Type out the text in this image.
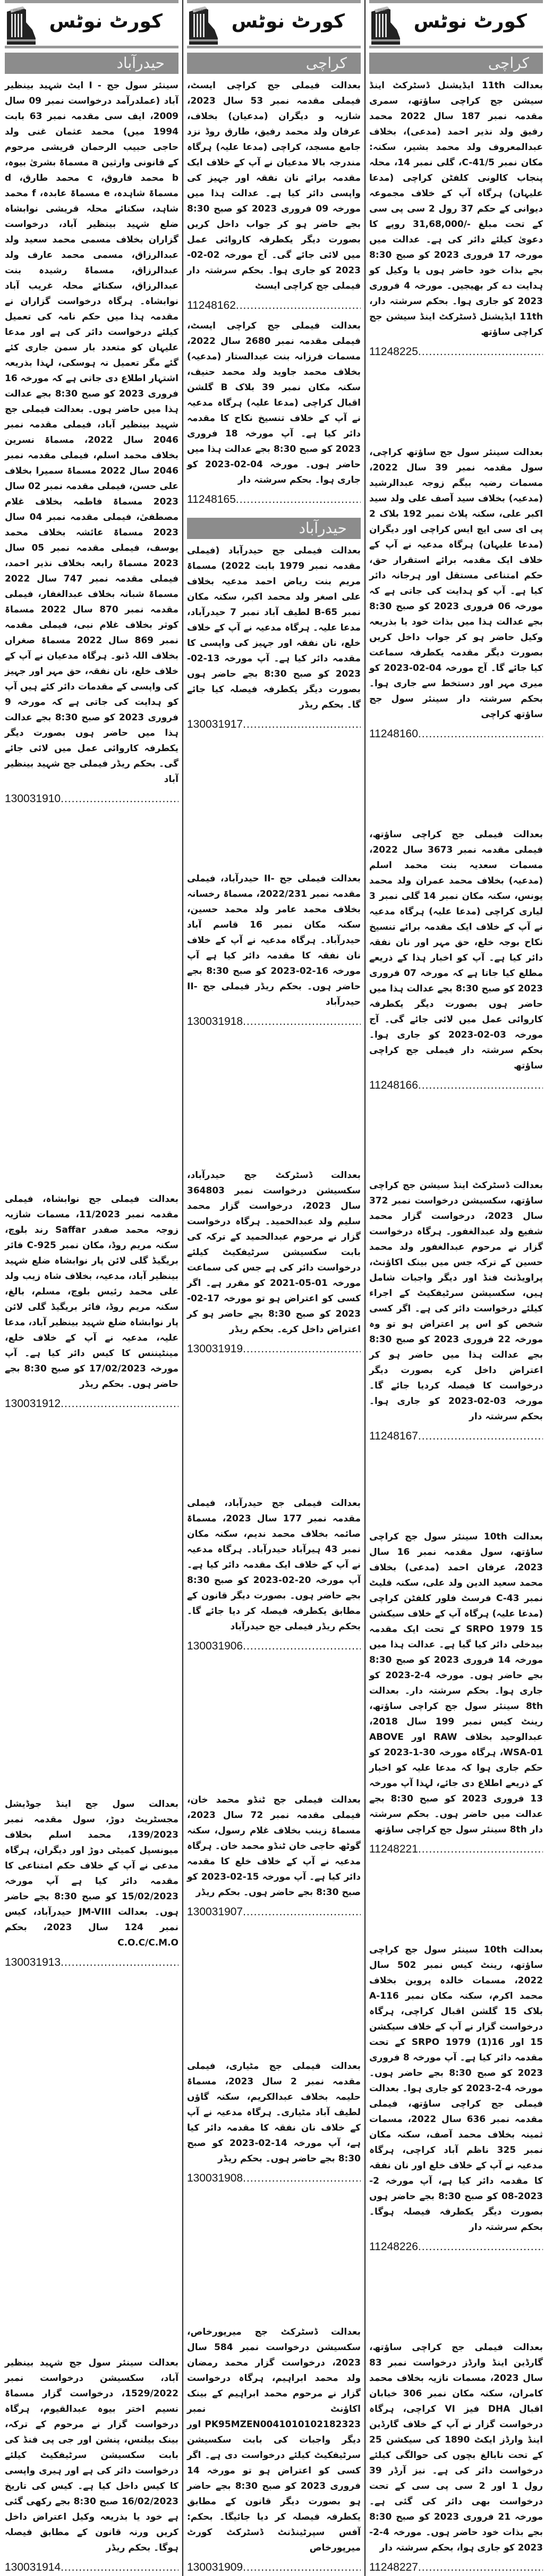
COURT کورٹ نوٹس
کراچی
بعدالت 11th ایڈیشنل ڈسٹرکٹ اینڈ سیشن جج کراچی ساؤتھ، سمری مقدمہ نمبر 187 سال 2022 محمد رفیق ولد نذیر احمد (مدعی)، بخلاف عبدالمعروف ولد محمد بشیر، سکنہ: مکان نمبر C-41/5، گلی نمبر 14، محلہ پنجاب کالونی کلفٹن کراچی (مدعا علیہان) ہرگاہ آپ کے خلاف مجموعہ دیوانی کے حکم 37 رول 2 سی پی سی کے تحت مبلغ -/31,68,000 روپے کا دعویٰ کیلئے دائر کی ہے۔ عدالت میں مورخہ 17 فروری 2023 کو صبح 8:30 بجے بذات خود حاضر ہوں یا وکیل کو ہدایت دے کر بھیجیں۔ مورخہ 4 فروری 2023 کو جاری ہوا۔ بحکم سرشتہ دار، 11th ایڈیشنل ڈسٹرکٹ اینڈ سیشن جج کراچی ساؤتھ
11248225 .....
بعدالت سینئر سول جج ساؤتھ کراچی، سول مقدمہ نمبر 39 سال 2022، مسمات رضیہ بیگم زوجہ عبدالرشید (مدعیہ) بخلاف سید آصف علی ولد سید اکبر علی، سکنہ پلاٹ نمبر 192 بلاک 2 پی ای سی ایچ ایس کراچی اور دیگران (مدعا علیہان) ہرگاہ مدعیہ نے آپ کے خلاف ایک مقدمہ برائے استقرار حق، حکم امتناعی مستقل اور ہرجانہ دائر کیا ہے۔ آپ کو ہدایت کی جاتی ہے کہ مورخہ 06 فروری 2023 کو صبح 8:30 بجے عدالت ہذا میں بذات خود یا بذریعہ وکیل حاضر ہو کر جواب داخل کریں بصورت دیگر مقدمہ یکطرفہ سماعت کیا جائے گا۔ آج مورخہ 04-02-2023 کو میری مہر اور دستخط سے جاری ہوا۔ بحکم سرشتہ دار سینئر سول جج ساؤتھ کراچی
11248160 .....
بعدالت فیملی جج کراچی ساؤتھ، فیملی مقدمہ نمبر 3673 سال 2022، مسمات سعدیہ بنت محمد اسلم (مدعیہ) بخلاف محمد عمران ولد محمد یونس، سکنہ مکان نمبر 14 گلی نمبر 3 لیاری کراچی (مدعا علیہ) ہرگاہ مدعیہ نے آپ کے خلاف ایک مقدمہ برائے تنسیخ نکاح بوجہ خلع، حق مہر اور نان نفقہ دائر کیا ہے۔ آپ کو اخبار ہذا کے ذریعے مطلع کیا جاتا ہے کہ مورخہ 07 فروری 2023 کو صبح 8:30 بجے عدالت ہذا میں حاضر ہوں بصورت دیگر یکطرفہ کاروائی عمل میں لائی جائے گی۔ آج مورخہ 03-02-2023 کو جاری ہوا۔ بحکم سرشتہ دار فیملی جج کراچی ساؤتھ
11248166 .....
بعدالت ڈسٹرکٹ اینڈ سیشن جج کراچی ساؤتھ، سکسیشن درخواست نمبر 372 سال 2023، درخواست گزار محمد شفیع ولد عبدالغفور۔ ہرگاہ درخواست گزار نے مرحوم عبدالغفور ولد محمد حسین کے ترکہ جس میں بینک اکاؤنٹ، پراویڈنٹ فنڈ اور دیگر واجبات شامل ہیں، سکسیشن سرٹیفکیٹ کے اجراء کیلئے درخواست دائر کی ہے۔ اگر کسی شخص کو اس پر اعتراض ہو تو وہ مورخہ 22 فروری 2023 کو صبح 8:30 بجے عدالت ہذا میں حاضر ہو کر اعتراض داخل کرے بصورت دیگر درخواست کا فیصلہ کردیا جائے گا۔ مورخہ 03-02-2023 کو جاری ہوا۔ بحکم سرشتہ دار
11248167 .....
بعدالت 10th سینئر سول جج کراچی ساؤتھ، سول مقدمہ نمبر 16 سال 2023، عرفان احمد (مدعی) بخلاف محمد سعید الدین ولد علی، سکنہ فلیٹ نمبر C-43 فرسٹ فلور کلفٹن کراچی (مدعا علیہ) ہرگاہ آپ کے خلاف سیکشن 15 SRPO 1979 کے تحت ایک مقدمہ بیدخلی دائر کیا گیا ہے۔ عدالت ہذا میں مورخہ 14 فروری 2023 کو صبح 8:30 بجے حاضر ہوں۔ مورخہ 4-2-2023 کو جاری ہوا۔ بحکم سرشتہ دار۔ بعدالت 8th سینئر سول جج کراچی ساؤتھ، رینٹ کیس نمبر 199 سال 2018، عبدالوحید بخلاف RAW اور ABOVE WSA-01، ہرگاہ مورخہ 30-1-2023 کو حکم جاری ہوا کہ مدعا علیہ کو اخبار کے ذریعے اطلاع دی جائے، لہذا آپ مورخہ 13 فروری 2023 کو صبح 8:30 بجے عدالت میں حاضر ہوں۔ بحکم سرشتہ دار 8th سینئر سول جج کراچی ساؤتھ
11248221 .....
بعدالت 10th سینئر سول جج کراچی ساؤتھ، رینٹ کیس نمبر 502 سال 2022، مسمات خالدہ پروین بخلاف محمد اکرم، سکنہ مکان نمبر A-116 بلاک 15 گلشن اقبال کراچی، ہرگاہ درخواست گزار نے آپ کے خلاف سیکشن 15 اور 16(1) SRPO 1979 کے تحت مقدمہ دائر کیا ہے۔ آپ مورخہ 8 فروری 2023 کو صبح 8:30 بجے حاضر ہوں۔ مورخہ 4-2-2023 کو جاری ہوا۔ بعدالت فیملی جج کراچی ساؤتھ، فیملی مقدمہ نمبر 636 سال 2022، مسمات ثمینہ بخلاف محمد آصف، سکنہ مکان نمبر 325 ناظم آباد کراچی، ہرگاہ مدعیہ نے آپ کے خلاف خلع اور نان نفقہ کا مقدمہ دائر کیا ہے، آپ مورخہ 2-2023-08 کو صبح 8:30 بجے حاضر ہوں بصورت دیگر یکطرفہ فیصلہ ہوگا۔ بحکم سرشتہ دار
11248226 .....
بعدالت فیملی جج کراچی ساؤتھ، گارڈین اینڈ وارڈز درخواست نمبر 83 سال 2023، مسمات نازیہ بخلاف محمد کامران، سکنہ مکان نمبر 306 خیابان اقبال DHA فیز VI کراچی، ہرگاہ درخواست گزار نے آپ کے خلاف گارڈین اینڈ وارڈز ایکٹ 1890 کی سیکشن 25 کے تحت نابالغ بچوں کی حوالگی کیلئے درخواست دائر کی ہے۔ نیز آرڈر 39 رول 1 اور 2 سی پی سی کے تحت درخواست بھی دائر کی گئی ہے۔ مورخہ 21 فروری 2023 کو صبح 8:30 بجے بذات خود حاضر ہوں۔ مورخہ 4-2-2023 کو جاری ہوا، بحکم سرشتہ دار
11248227 .....
COURT کورٹ نوٹس
کراچی
بعدالت فیملی جج کراچی ایسٹ، فیملی مقدمہ نمبر 53 سال 2023، شازیہ و دیگران (مدعیان) بخلاف، عرفان ولد محمد رفیق، طارق روڈ نزد جامع مسجد، کراچی (مدعا علیہ) ہرگاہ مندرجہ بالا مدعیان نے آپ کے خلاف ایک مقدمہ برائے نان نفقہ اور جہیز کی واپسی دائر کیا ہے۔ عدالت ہذا میں مورخہ 09 فروری 2023 کو صبح 8:30 بجے حاضر ہو کر جواب داخل کریں بصورت دیگر یکطرفہ کاروائی عمل میں لائی جائے گی۔ آج مورخہ 02-02-2023 کو جاری ہوا۔ بحکم سرشتہ دار فیملی جج کراچی ایسٹ
11248162 .....
بعدالت فیملی جج کراچی ایسٹ، فیملی مقدمہ نمبر 2680 سال 2022، مسمات فرزانہ بنت عبدالستار (مدعیہ) بخلاف محمد جاوید ولد محمد حنیف، سکنہ مکان نمبر 39 بلاک B گلشن اقبال کراچی (مدعا علیہ) ہرگاہ مدعیہ نے آپ کے خلاف تنسیخ نکاح کا مقدمہ دائر کیا ہے۔ آپ مورخہ 18 فروری 2023 کو صبح 8:30 بجے عدالت ہذا میں حاضر ہوں۔ مورخہ 04-02-2023 کو جاری ہوا۔ بحکم سرشتہ دار
11248165 .....
حیدرآباد
بعدالت فیملی جج حیدرآباد (فیملی مقدمہ نمبر 1979 بابت 2022) مسماۃ مریم بنت ریاض احمد مدعیہ بخلاف علی اصغر ولد محمد اکبر، سکنہ مکان نمبر B-65 لطیف آباد نمبر 7 حیدرآباد، مدعا علیہ۔ ہرگاہ مدعیہ نے آپ کے خلاف خلع، نان نفقہ اور جہیز کی واپسی کا مقدمہ دائر کیا ہے۔ آپ مورخہ 13-02-2023 کو صبح 8:30 بجے حاضر ہوں بصورت دیگر یکطرفہ فیصلہ کیا جائے گا۔ بحکم ریڈر
130031917 .....
بعدالت فیملی جج -II حیدرآباد، فیملی مقدمہ نمبر 2022/231، مسماۃ رخسانہ بخلاف محمد عامر ولد محمد حسین، سکنہ مکان نمبر 16 قاسم آباد حیدرآباد۔ ہرگاہ مدعیہ نے آپ کے خلاف نان نفقہ کا مقدمہ دائر کیا ہے آپ مورخہ 16-02-2023 کو صبح 8:30 بجے حاضر ہوں۔ بحکم ریڈر فیملی جج -II حیدرآباد
130031918 .....
بعدالت ڈسٹرکٹ جج حیدرآباد، سکسیشن درخواست نمبر 364803 سال 2023، درخواست گزار محمد سلیم ولد عبدالحمید۔ ہرگاہ درخواست گزار نے مرحوم عبدالحمید کے ترکہ کی بابت سکسیشن سرٹیفکیٹ کیلئے درخواست دائر کی ہے جس کی سماعت مورخہ 01-05-2021 کو مقرر ہے۔ اگر کسی کو اعتراض ہو تو مورخہ 17-02-2023 کو صبح 8:30 بجے حاضر ہو کر اعتراض داخل کرے۔ بحکم ریڈر
130031919 .....
بعدالت فیملی جج حیدرآباد، فیملی مقدمہ نمبر 177 سال 2023، مسماۃ صائمہ بخلاف محمد ندیم، سکنہ مکان نمبر 43 ہیرآباد حیدرآباد۔ ہرگاہ مدعیہ نے آپ کے خلاف ایک مقدمہ دائر کیا ہے۔ آپ مورخہ 20-02-2023 کو صبح 8:30 بجے حاضر ہوں۔ بصورت دیگر قانون کے مطابق یکطرفہ فیصلہ کر دیا جائے گا۔ بحکم ریڈر فیملی جج حیدرآباد
130031906 .....
بعدالت فیملی جج ٹنڈو محمد خان، فیملی مقدمہ نمبر 72 سال 2023، مسماۃ زینب بخلاف غلام رسول، سکنہ گوٹھ حاجی خان ٹنڈو محمد خان۔ ہرگاہ مدعیہ نے آپ کے خلاف خلع کا مقدمہ دائر کیا ہے۔ آپ مورخہ 15-02-2023 کو صبح 8:30 بجے حاضر ہوں۔ بحکم ریڈر
130031907 .....
بعدالت فیملی جج مٹیاری، فیملی مقدمہ نمبر 2 سال 2023، مسماۃ حلیمہ بخلاف عبدالکریم، سکنہ گاؤں لطیف آباد مٹیاری۔ ہرگاہ مدعیہ نے آپ کے خلاف نان نفقہ کا مقدمہ دائر کیا ہے، آپ مورخہ 14-02-2023 کو صبح 8:30 بجے حاضر ہوں۔ بحکم ریڈر
130031908 .....
بعدالت ڈسٹرکٹ جج میرپورخاص، سکسیشن درخواست نمبر 584 سال 2023، درخواست گزار محمد رمضان ولد محمد ابراہیم، ہرگاہ درخواست گزار نے مرحوم محمد ابراہیم کے بینک اکاؤنٹ نمبر PK95MZEN0041010102182323 اور دیگر واجبات کی بابت سکسیشن سرٹیفکیٹ کیلئے درخواست دی ہے۔ اگر کسی کو اعتراض ہو تو مورخہ 14 فروری 2023 کو صبح 8:30 بجے حاضر ہو بصورت دیگر قانون کے مطابق یکطرفہ فیصلہ کر دیا جائیگا۔ بحکم: آفس سپرٹینڈنٹ ڈسٹرکٹ کورٹ میرپورخاص
130031909 .....
COURT کورٹ نوٹس
حیدرآباد
سینئر سول جج - I ایٹ شہید بینظیر آباد (عملدرآمد درخواست نمبر 09 سال 2009، ایف سی مقدمہ نمبر 63 بابت 1994 میں) محمد عثمان غنی ولد حاجی حبیب الرحمان قریشی مرحوم کے قانونی وارثین a مسماۃ بشریٰ بیوہ، b محمد فاروق، c محمد طارق، d مسماۃ شاہدہ، e مسماۃ عابدہ، f محمد شاہد، سکنائے محلہ قریشی نوابشاہ ضلع شہید بینظیر آباد، درخواست گزاران بخلاف مسمی محمد سعید ولد عبدالرزاق، مسمی محمد عارف ولد عبدالرزاق، مسماۃ رشیدہ بنت عبدالرزاق، سکنائے محلہ غریب آباد نوابشاہ۔ ہرگاہ درخواست گزاران نے مقدمہ ہذا میں حکم نامہ کی تعمیل کیلئے درخواست دائر کی ہے اور مدعا علیہان کو متعدد بار سمن جاری کئے گئے مگر تعمیل نہ ہوسکی، لہذا بذریعہ اشتہار اطلاع دی جاتی ہے کہ مورخہ 16 فروری 2023 کو صبح 8:30 بجے عدالت ہذا میں حاضر ہوں۔ بعدالت فیملی جج شہید بینظیر آباد، فیملی مقدمہ نمبر 2046 سال 2022، مسماۃ نسرین بخلاف محمد اسلم، فیملی مقدمہ نمبر 2046 سال 2022 مسماۃ سمیرا بخلاف علی حسن، فیملی مقدمہ نمبر 02 سال 2023 مسماۃ فاطمہ بخلاف غلام مصطفیٰ، فیملی مقدمہ نمبر 04 سال 2023 مسماۃ عائشہ بخلاف محمد یوسف، فیملی مقدمہ نمبر 05 سال 2023 مسماۃ رابعہ بخلاف نذیر احمد، فیملی مقدمہ نمبر 747 سال 2022 مسماۃ شبانہ بخلاف عبدالغفار، فیملی مقدمہ نمبر 870 سال 2022 مسماۃ کوثر بخلاف غلام نبی، فیملی مقدمہ نمبر 869 سال 2022 مسماۃ صغراں بخلاف اللہ ڈنو۔ ہرگاہ مدعیان نے آپ کے خلاف خلع، نان نفقہ، حق مہر اور جہیز کی واپسی کے مقدمات دائر کئے ہیں آپ کو ہدایت کی جاتی ہے کہ مورخہ 9 فروری 2023 کو صبح 8:30 بجے عدالت ہذا میں حاضر ہوں بصورت دیگر یکطرفہ کاروائی عمل میں لائی جائے گی۔ بحکم ریڈر فیملی جج شہید بینظیر آباد
130031910 .....
بعدالت فیملی جج نوابشاہ، فیملی مقدمہ نمبر 11/2023، مسمات شازیہ زوجہ محمد صفدر Saffar رند بلوچ، سکنہ مریم روڈ، مکان نمبر C-925 فائر بریگیڈ گلی لائن پار نوابشاہ ضلع شہید بینظیر آباد، مدعیہ، بخلاف شاہ زیب ولد علی محمد رئیس بلوچ، مسلم، بالغ، سکنہ مریم روڈ، فائر بریگیڈ گلی لائن پار نوابشاہ ضلع شہید بینظیر آباد، مدعا علیہ، مدعیہ نے آپ کے خلاف خلع، مینٹیننس کا کیس دائر کیا ہے۔ آپ مورخہ 17/02/2023 کو صبح 8:30 بجے حاضر ہوں۔ بحکم ریڈر
130031912 .....
بعدالت سول جج اینڈ جوڈیشل مجسٹریٹ دوڑ، سول مقدمہ نمبر 139/2023، محمد اسلم بخلاف میونسپل کمیٹی دوڑ اور دیگران، ہرگاہ مدعی نے آپ کے خلاف حکم امتناعی کا مقدمہ دائر کیا ہے آپ مورخہ 15/02/2023 کو صبح 8:30 بجے حاضر ہوں۔ بعدالت JM-VIII حیدرآباد، کیس نمبر 124 سال 2023، بحکم C.O.C/C.M.O
130031913 .....
بعدالت سینئر سول جج شہید بینظیر آباد، سکسیشن درخواست نمبر 1529/2022، درخواست گزار مسماۃ نسیم اختر بیوہ عبدالقیوم، ہرگاہ درخواست گزار نے مرحوم کے ترکہ، بینک بیلنس، پنشن اور جی پی فنڈ کی بابت سکسیشن سرٹیفکیٹ کیلئے درخواست دائر کی ہے اور ہیری واپسی کا کیس داخل کیا ہے۔ کیس کی تاریخ 16/02/2023 صبح 8:30 بجے رکھی گئی ہے خود یا بذریعہ وکیل اعتراض داخل کریں ورنہ قانون کے مطابق فیصلہ ہوگا۔ بحکم ریڈر
130031914 .....
